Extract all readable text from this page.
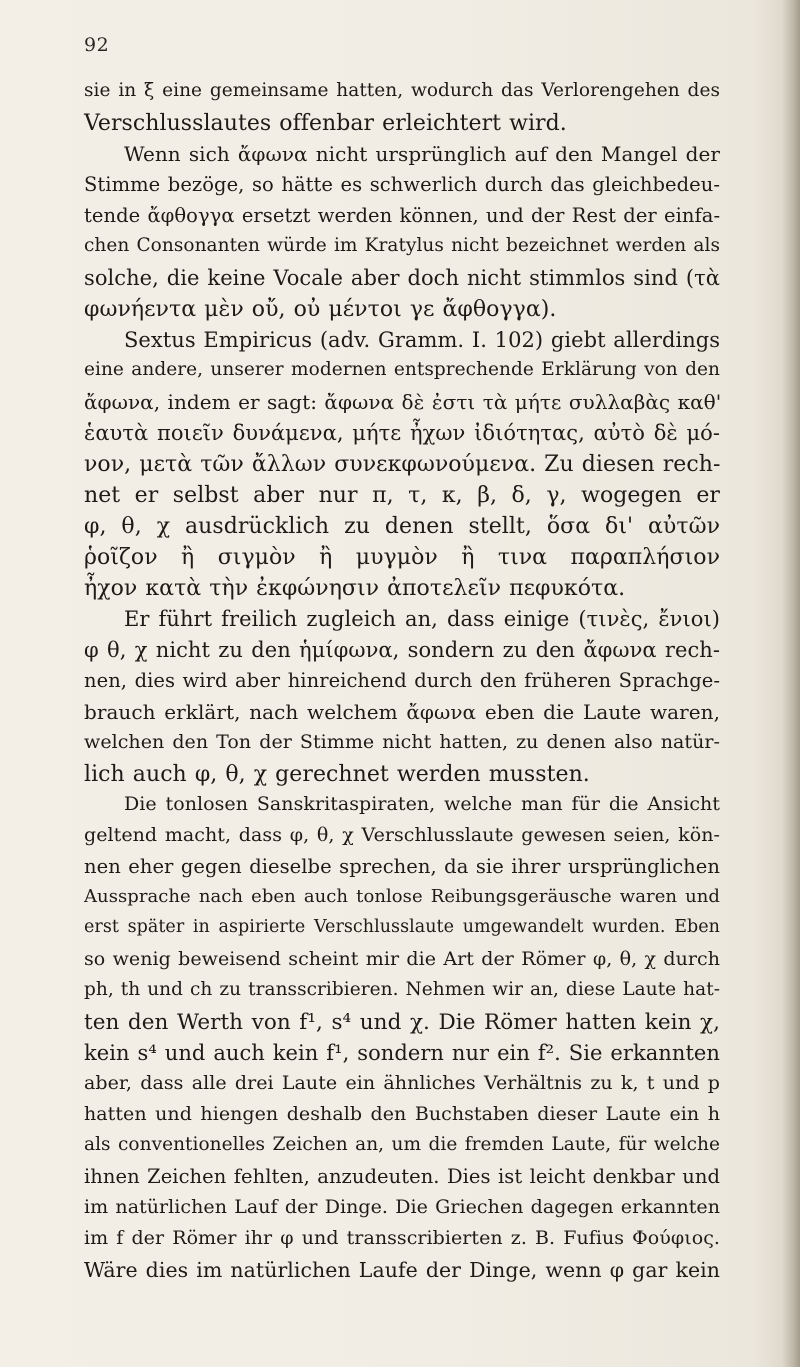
92
sie in ξ eine gemeinsame hatten, wodurch das Verlorengehen des
Verschlusslautes offenbar erleichtert wird.
Wenn sich ἄφωνα nicht ursprünglich auf den Mangel der
Stimme bezöge, so hätte es schwerlich durch das gleichbedeu-
tende ἄφθογγα ersetzt werden können, und der Rest der einfa-
chen Consonanten würde im Kratylus nicht bezeichnet werden als
solche, die keine Vocale aber doch nicht stimmlos sind (τὰ
φωνήεντα μὲν οὔ, οὐ μέντοι γε ἄφθογγα).
Sextus Empiricus (adv. Gramm. I. 102) giebt allerdings
eine andere, unserer modernen entsprechende Erklärung von den
ἄφωνα, indem er sagt: ἄφωνα δὲ ἐστι τὰ μήτε συλλαβὰς καθ'
ἑαυτὰ ποιεῖν δυνάμενα, μήτε ἦχων ἰδιότητας, αὐτὸ δὲ μό-
νον, μετὰ τῶν ἄλλων συνεκφωνούμενα. Zu diesen rech-
net er selbst aber nur π, τ, κ, β, δ, γ, wogegen er
φ, θ, χ ausdrücklich zu denen stellt, ὅσα δι' αὐτῶν
ῥοῖζον ἢ σιγμὸν ἢ μυγμὸν ἢ τινα παραπλήσιον
ἦχον κατὰ τὴν ἐκφώνησιν ἀποτελεῖν πεφυκότα.
Er führt freilich zugleich an, dass einige (τινὲς, ἔνιοι)
φ θ, χ nicht zu den ἡμίφωνα, sondern zu den ἄφωνα rech-
nen, dies wird aber hinreichend durch den früheren Sprachge-
brauch erklärt, nach welchem ἄφωνα eben die Laute waren,
welchen den Ton der Stimme nicht hatten, zu denen also natür-
lich auch φ, θ, χ gerechnet werden mussten.
Die tonlosen Sanskritaspiraten, welche man für die Ansicht
geltend macht, dass φ, θ, χ Verschlusslaute gewesen seien, kön-
nen eher gegen dieselbe sprechen, da sie ihrer ursprünglichen
Aussprache nach eben auch tonlose Reibungsgeräusche waren und
erst später in aspirierte Verschlusslaute umgewandelt wurden. Eben
so wenig beweisend scheint mir die Art der Römer φ, θ, χ durch
ph, th und ch zu transscribieren. Nehmen wir an, diese Laute hat-
ten den Werth von f¹, s⁴ und χ. Die Römer hatten kein χ,
kein s⁴ und auch kein f¹, sondern nur ein f². Sie erkannten
aber, dass alle drei Laute ein ähnliches Verhältnis zu k, t und p
hatten und hiengen deshalb den Buchstaben dieser Laute ein h
als conventionelles Zeichen an, um die fremden Laute, für welche
ihnen Zeichen fehlten, anzudeuten. Dies ist leicht denkbar und
im natürlichen Lauf der Dinge. Die Griechen dagegen erkannten
im f der Römer ihr φ und transscribierten z. B. Fufius Φούφιος.
Wäre dies im natürlichen Laufe der Dinge, wenn φ gar kein
